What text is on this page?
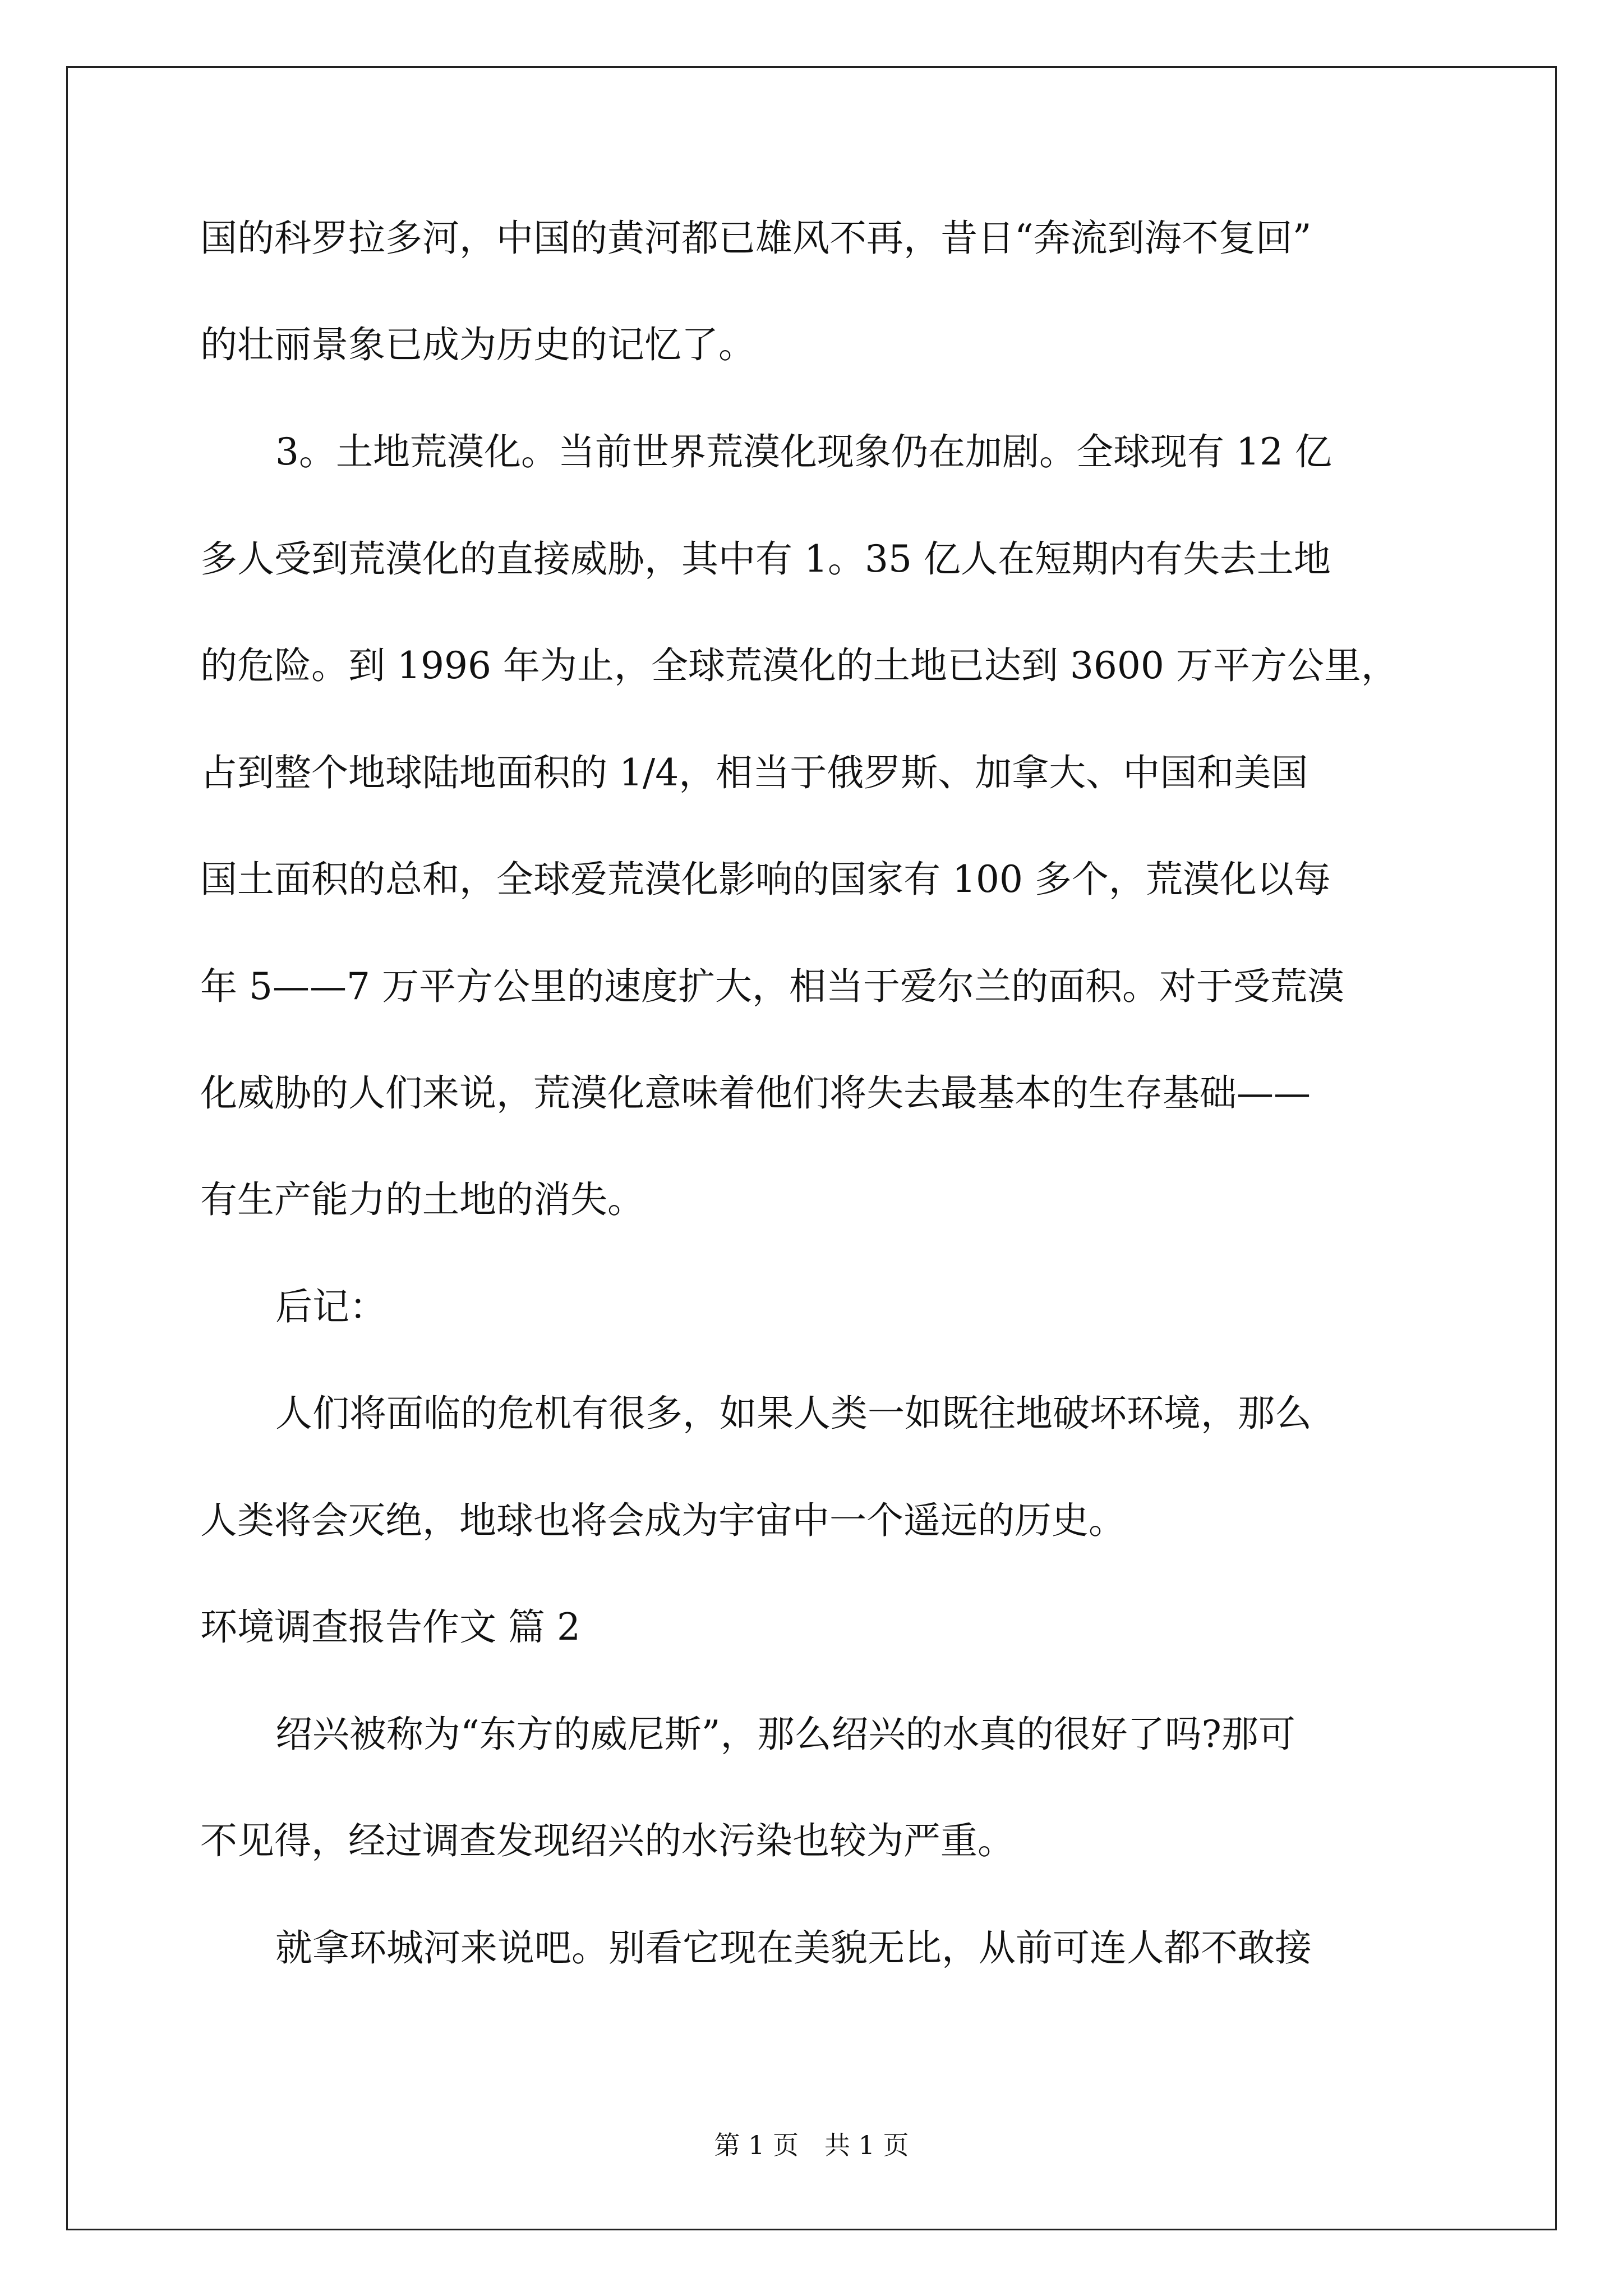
国的科罗拉多河，中国的黄河都已雄风不再，昔日“奔流到海不复回”
的壮丽景象已成为历史的记忆了。
3。土地荒漠化。当前世界荒漠化现象仍在加剧。全球现有 12 亿
多人受到荒漠化的直接威胁，其中有 1。35 亿人在短期内有失去土地
的危险。到 1996 年为止，全球荒漠化的土地已达到 3600 万平方公里，
占到整个地球陆地面积的 1/4，相当于俄罗斯、加拿大、中国和美国
国土面积的总和，全球爱荒漠化影响的国家有 100 多个，荒漠化以每
年 5——7 万平方公里的速度扩大，相当于爱尔兰的面积。对于受荒漠
化威胁的人们来说，荒漠化意味着他们将失去最基本的生存基础——
有生产能力的土地的消失。
后记：
人们将面临的危机有很多，如果人类一如既往地破坏环境，那么
人类将会灭绝，地球也将会成为宇宙中一个遥远的历史。
环境调查报告作文 篇 2
绍兴被称为“东方的威尼斯”，那么绍兴的水真的很好了吗?那可
不见得，经过调查发现绍兴的水污染也较为严重。
就拿环城河来说吧。别看它现在美貌无比，从前可连人都不敢接
第 1 页　共 1 页
